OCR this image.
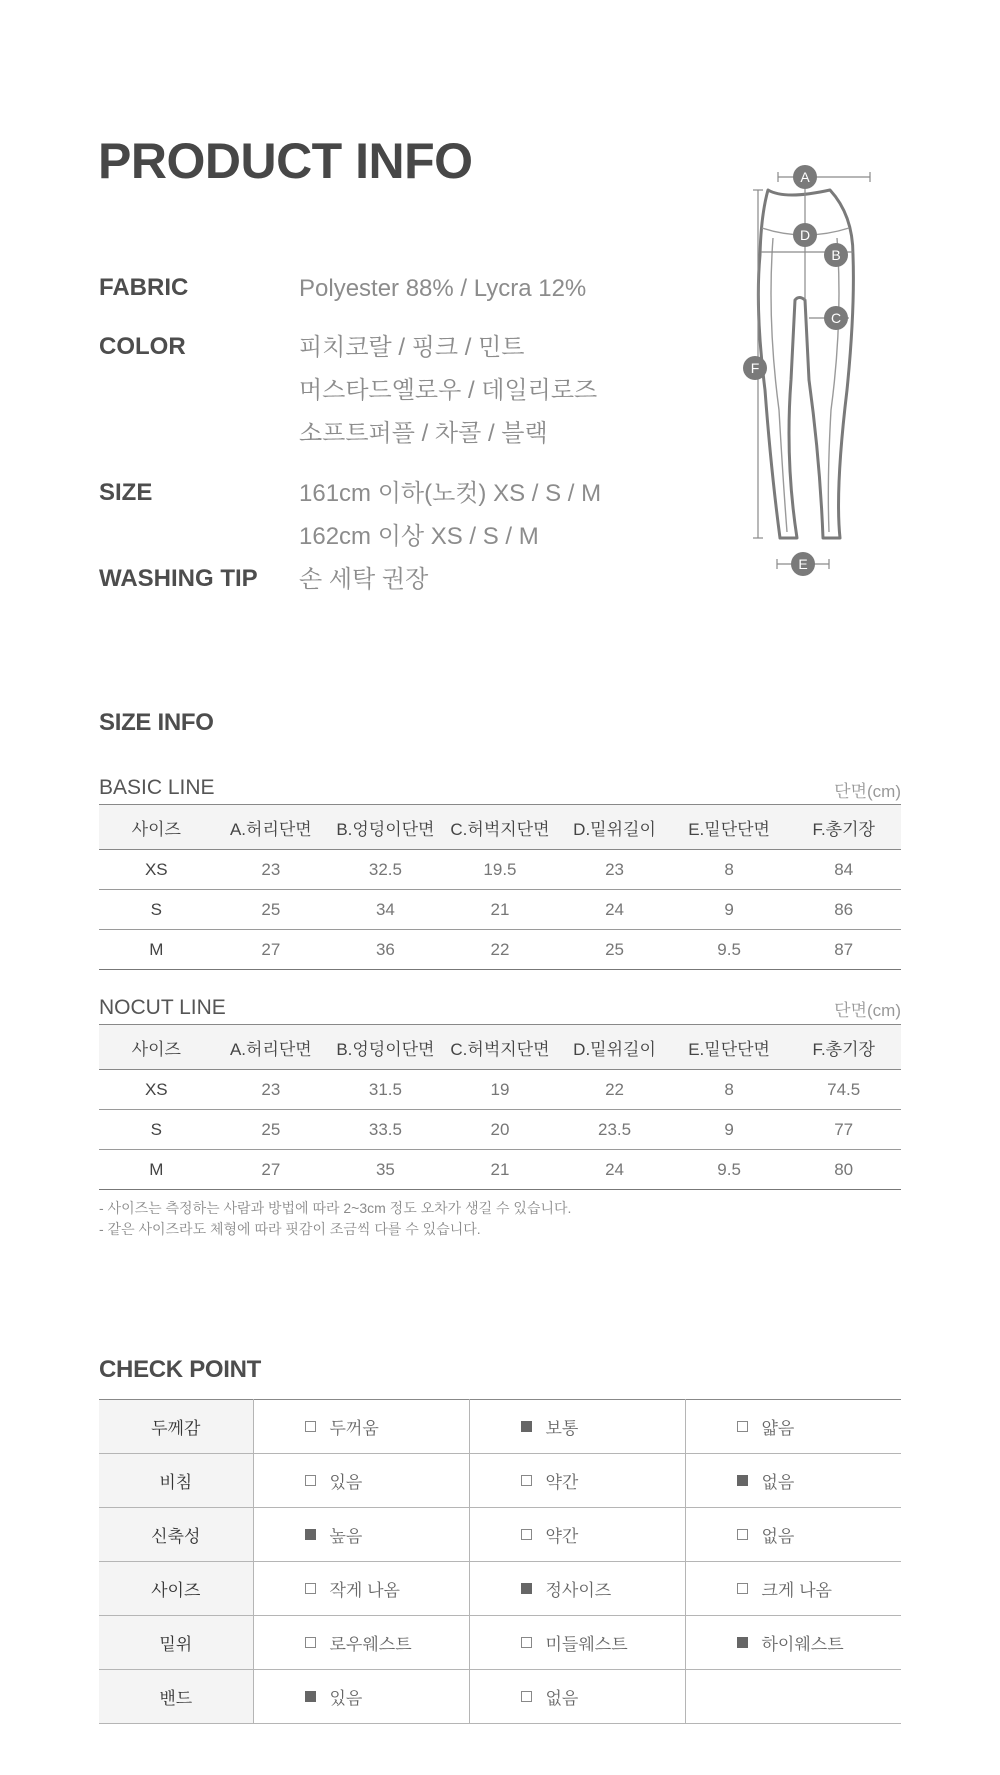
PRODUCT INFO
FABRIC	Polyester 88% / Lycra 12%
COLOR	피치코랄 / 핑크 / 민트
머스타드옐로우 / 데일리로즈
소프트퍼플 / 차콜 / 블랙
SIZE	161cm 이하(노컷) XS / S / M
162cm 이상 XS / S / M
WASHING TIP	손 세탁 권장
A
D
B
C
F
E
SIZE INFO
BASIC LINE	단면(cm)
사이즈	A.허리단면	B.엉덩이단면	C.허벅지단면	D.밑위길이	E.밑단단면	F.총기장
XS	23	32.5	19.5	23	8	84
S	25	34	21	24	9	86
M	27	36	22	25	9.5	87
NOCUT LINE	단면(cm)
사이즈	A.허리단면	B.엉덩이단면	C.허벅지단면	D.밑위길이	E.밑단단면	F.총기장
XS	23	31.5	19	22	8	74.5
S	25	33.5	20	23.5	9	77
M	27	35	21	24	9.5	80
- 사이즈는 측정하는 사람과 방법에 따라 2~3cm 정도 오차가 생길 수 있습니다.
- 같은 사이즈라도 체형에 따라 핏감이 조금씩 다를 수 있습니다.
CHECK POINT
두께감	두꺼움	보통	얇음

비침	있음	약간	없음

신축성	높음	약간	없음

사이즈	작게 나옴	정사이즈	크게 나옴

밑위	로우웨스트	미들웨스트	하이웨스트

밴드	있음	없음	
